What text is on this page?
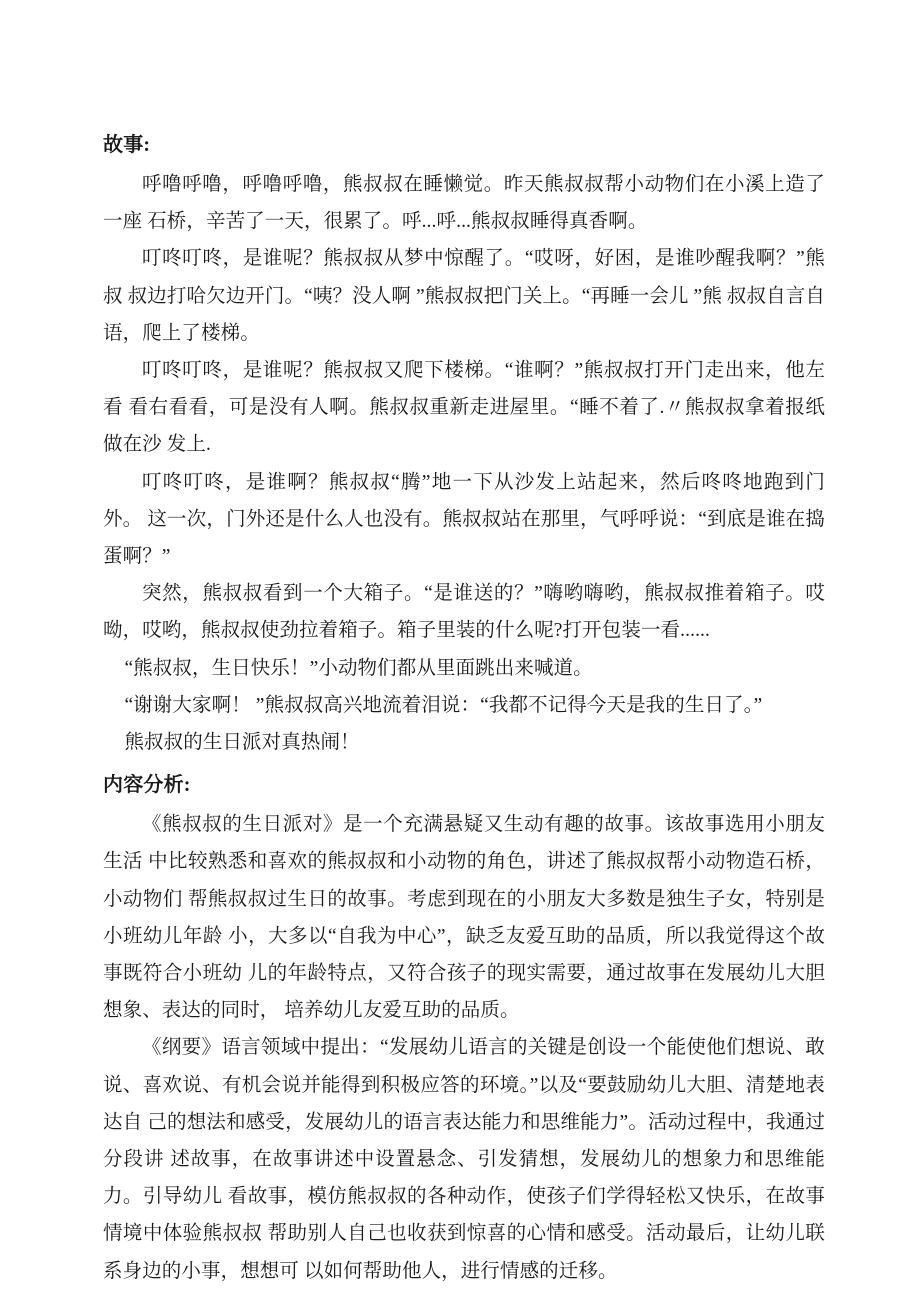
故事:

呼噜呼噜，呼噜呼噜，熊叔叔在睡懒觉。昨天熊叔叔帮小动物们在小溪上造了一座 石桥，辛苦了一天，很累了。呼...呼...熊叔叔睡得真香啊。

叮咚叮咚，是谁呢？熊叔叔从梦中惊醒了。“哎呀，好困，是谁吵醒我啊？”熊叔 叔边打哈欠边开门。“咦？没人啊 ”熊叔叔把门关上。“再睡一会儿 ”熊 叔叔自言自语，爬上了楼梯。

叮咚叮咚，是谁呢？熊叔叔又爬下楼梯。“谁啊？”熊叔叔打开门走出来，他左看 看右看看，可是没有人啊。熊叔叔重新走进屋里。“睡不着了.〃熊叔叔拿着报纸做在沙 发上.

叮咚叮咚，是谁啊？熊叔叔“腾”地一下从沙发上站起来，然后咚咚地跑到门外。 这一次，门外还是什么人也没有。熊叔叔站在那里，气呼呼说：“到底是谁在捣蛋啊？”

突然，熊叔叔看到一个大箱子。“是谁送的？”嗨哟嗨哟，熊叔叔推着箱子。哎呦，哎哟，熊叔叔使劲拉着箱子。箱子里装的什么呢?打开包装一看......

“熊叔叔，生日快乐！”小动物们都从里面跳出来喊道。

“谢谢大家啊！ ”熊叔叔高兴地流着泪说：“我都不记得今天是我的生日了。”

熊叔叔的生日派对真热闹！

内容分析:

《熊叔叔的生日派对》是一个充满悬疑又生动有趣的故事。该故事选用小朋友生活 中比较熟悉和喜欢的熊叔叔和小动物的角色，讲述了熊叔叔帮小动物造石桥，小动物们 帮熊叔叔过生日的故事。考虑到现在的小朋友大多数是独生子女，特别是小班幼儿年龄 小，大多以“自我为中心”，缺乏友爱互助的品质，所以我觉得这个故事既符合小班幼 儿的年龄特点，又符合孩子的现实需要，通过故事在发展幼儿大胆想象、表达的同时， 培养幼儿友爱互助的品质。

《纲要》语言领域中提出：“发展幼儿语言的关键是创设一个能使他们想说、敢说、喜欢说、有机会说并能得到积极应答的环境。”以及“要鼓励幼儿大胆、清楚地表达自 己的想法和感受，发展幼儿的语言表达能力和思维能力”。活动过程中，我通过分段讲 述故事，在故事讲述中设置悬念、引发猜想，发展幼儿的想象力和思维能力。引导幼儿 看故事，模仿熊叔叔的各种动作，使孩子们学得轻松又快乐，在故事情境中体验熊叔叔 帮助别人自己也收获到惊喜的心情和感受。活动最后，让幼儿联系身边的小事，想想可 以如何帮助他人，进行情感的迁移。
